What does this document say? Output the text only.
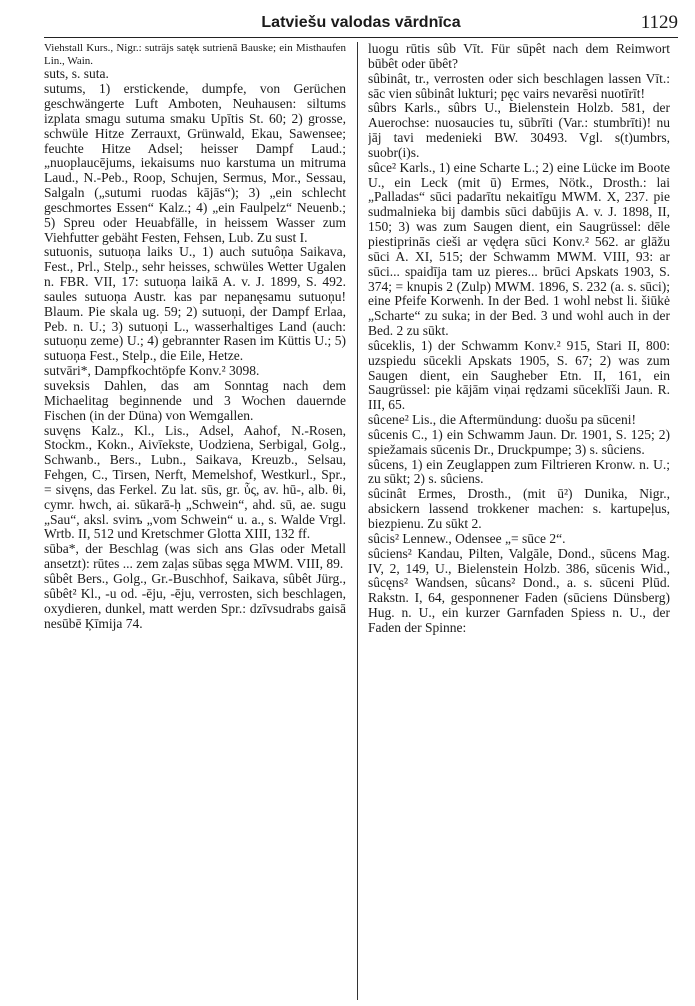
Latviešu valodas vārdnīca	1129

Viehstall Kurs., Nigr.: suträjs satęk sutrienā Bauske; ein Misthaufen Lin., Wain.

suts, s. suta.

sutums, 1) erstickende, dumpfe, von Gerüchen geschwängerte Luft Amboten, Neuhausen: siltums izplata smagu sutuma smaku Upītis St. 60; 2) grosse, schwüle Hitze Zerrauxt, Grünwald, Ekau, Sawensee; feuchte Hitze Adsel; heisser Dampf Laud.; „nuoplaucējums, iekaisums nuo karstuma un mitruma Laud., N.-Peb., Roop, Schujen, Sermus, Mor., Sessau, Salgaln („sutumi ruodas kājās“); 3) „ein schlecht geschmortes Essen“ Kalz.; 4) „ein Faulpelz“ Neuenb.; 5) Spreu oder Heuabfälle, in heissem Wasser zum Viehfutter gebäht Festen, Fehsen, Lub. Zu sust I.

sutuonis, sutuoņa laiks U., 1) auch sutuôņa Saikava, Fest., Prl., Stelp., sehr heisses, schwüles Wetter Ugalen n. FBR. VII, 17: sutuoņa laikā A. v. J. 1899, S. 492. saules sutuoņa Austr. kas par nepanęsamu sutuoņu! Blaum. Pie skala ug. 59; 2) sutuoņi, der Dampf Erlaa, Peb. n. U.; 3) sutuoņi L., wasserhaltiges Land (auch: sutuoņu zeme) U.; 4) gebrannter Rasen im Küttis U.; 5) sutuoņa Fest., Stelp., die Eile, Hetze.

sutvāri*, Dampfkochtöpfe Konv.² 3098.

suveksis Dahlen, das am Sonntag nach dem Michaelitag beginnende und 3 Wochen dauernde Fischen (in der Düna) von Wemgallen.

suvęns Kalz., Kl., Lis., Adsel, Aahof, N.-Rosen, Stockm., Kokn., Aivīekste, Uodziena, Serbigal, Golg., Schwanb., Bers., Lubn., Saikava, Kreuzb., Selsau, Fehgen, C., Tirsen, Nerft, Memelshof, Westkurl., Spr., = sivęns, das Ferkel. Zu lat. sūs, gr. ὗς, av. hū-, alb. θi, cymr. hwch, ai. sūkarā-ḥ „Schwein“, ahd. sū, ae. sugu „Sau“, aksl. svinъ „vom Schwein“ u. a., s. Walde Vrgl. Wrtb. II, 512 und Kretschmer Glotta XIII, 132 ff.

sūba*, der Beschlag (was sich ans Glas oder Metall ansetzt): rūtes ... zem zaļas sūbas sęga MWM. VIII, 89.

sûbêt Bers., Golg., Gr.-Buschhof, Saikava, sûbêt Jürg., sûbêt² Kl., -u od. -ēju, -ēju, verrosten, sich beschlagen, oxydieren, dunkel, matt werden Spr.: dzīvsudrabs gaisā nesūbē Ķīmija 74.

luogu rūtis sûb Vīt. Für sūpêt nach dem Reimwort būbêt oder ūbêt?

sûbinât, tr., verrosten oder sich beschlagen lassen Vīt.: sāc vien sûbinât lukturi; pęc vairs nevarēsi nuotīrīt!

sûbrs Karls., sûbrs U., Bielenstein Holzb. 581, der Auerochse: nuosaucies tu, sūbrīti (Var.: stumbrīti)! nu jāj tavi medenieki BW. 30493. Vgl. s(t)umbrs, suobr(i)s.

sûce² Karls., 1) eine Scharte L.; 2) eine Lücke im Boote U., ein Leck (mit ū) Ermes, Nötk., Drosth.: lai „Palladas“ sūci padarītu nekaitīgu MWM. X, 237. pie sudmalnieka bij dambis sūci dabūjis A. v. J. 1898, II, 150; 3) was zum Saugen dient, ein Saugrüssel: dēle piestiprinās cieši ar vędęra sūci Konv.² 562. ar glāžu sūci A. XI, 515; der Schwamm MWM. VIII, 93: ar sūci... spaidīja tam uz pieres... brūci Apskats 1903, S. 374; = knupis 2 (Zulp) MWM. 1896, S. 232 (a. s. sūci); eine Pfeife Korwenh. In der Bed. 1 wohl nebst li. šiūkė „Scharte“ zu suka; in der Bed. 3 und wohl auch in der Bed. 2 zu sūkt.

sûceklis, 1) der Schwamm Konv.² 915, Stari II, 800: uzspiedu sūcekli Apskats 1905, S. 67; 2) was zum Saugen dient, ein Saugheber Etn. II, 161, ein Saugrüssel: pie kājām viņai rędzami sūceklīši Jaun. R. III, 65.

sûcene² Lis., die Aftermündung: duošu pa sūceni!

sûcenis C., 1) ein Schwamm Jaun. Dr. 1901, S. 125; 2) spiežamais sūcenis Dr., Druckpumpe; 3) s. sûciens.

sûcens, 1) ein Zeuglappen zum Filtrieren Kronw. n. U.; zu sūkt; 2) s. sûciens.

sûcinât Ermes, Drosth., (mit ū²) Dunika, Nigr., absickern lassend trokkener machen: s. kartupeļus, biezpienu. Zu sūkt 2.

sûcis² Lennew., Odensee „= sūce 2“.

sûciens² Kandau, Pilten, Valgāle, Dond., sūcens Mag. IV, 2, 149, U., Bielenstein Holzb. 386, sūcenis Wid., sûcęns² Wandsen, sûcans² Dond., a. s. sūceni Plūd. Rakstn. I, 64, gesponnener Faden (sūciens Dünsberg) Hug. n. U., ein kurzer Garnfaden Spiess n. U., der Faden der Spinne:
